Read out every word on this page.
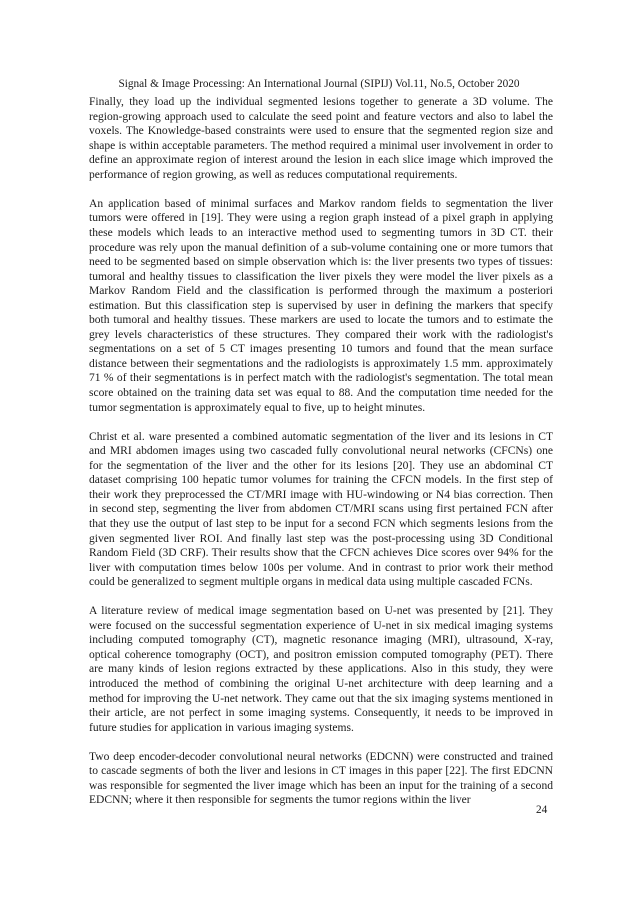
Signal & Image Processing: An International Journal (SIPIJ) Vol.11, No.5, October 2020

Finally, they load up the individual segmented lesions together to generate a 3D volume. The region-growing approach used to calculate the seed point and feature vectors and also to label the voxels. The Knowledge-based constraints were used to ensure that the segmented region size and shape is within acceptable parameters. The method required a minimal user involvement in order to define an approximate region of interest around the lesion in each slice image which improved the performance of region growing, as well as reduces computational requirements.

An application based of minimal surfaces and Markov random fields to segmentation the liver tumors were offered in [19]. They were using a region graph instead of a pixel graph in applying these models which leads to an interactive method used to segmenting tumors in 3D CT. their procedure was rely upon the manual definition of a sub-volume containing one or more tumors that need to be segmented based on simple observation which is: the liver presents two types of tissues: tumoral and healthy tissues to classification the liver pixels they were model the liver pixels as a Markov Random Field and the classification is performed through the maximum a posteriori estimation. But this classification step is supervised by user in defining the markers that specify both tumoral and healthy tissues. These markers are used to locate the tumors and to estimate the grey levels characteristics of these structures. They compared their work with the radiologist's segmentations on a set of 5 CT images presenting 10 tumors and found that the mean surface distance between their segmentations and the radiologists is approximately 1.5 mm. approximately 71 % of their segmentations is in perfect match with the radiologist's segmentation. The total mean score obtained on the training data set was equal to 88. And the computation time needed for the tumor segmentation is approximately equal to five, up to height minutes.

Christ et al. ware presented a combined automatic segmentation of the liver and its lesions in CT and MRI abdomen images using two cascaded fully convolutional neural networks (CFCNs) one for the segmentation of the liver and the other for its lesions [20]. They use an abdominal CT dataset comprising 100 hepatic tumor volumes for training the CFCN models. In the first step of their work they preprocessed the CT/MRI image with HU-windowing or N4 bias correction. Then in second step, segmenting the liver from abdomen CT/MRI scans using first pertained FCN after that they use the output of last step to be input for a second FCN which segments lesions from the given segmented liver ROI. And finally last step was the post-processing using 3D Conditional Random Field (3D CRF). Their results show that the CFCN achieves Dice scores over 94% for the liver with computation times below 100s per volume. And in contrast to prior work their method could be generalized to segment multiple organs in medical data using multiple cascaded FCNs.

A literature review of medical image segmentation based on U-net was presented by [21]. They were focused on the successful segmentation experience of U-net in six medical imaging systems including computed tomography (CT), magnetic resonance imaging (MRI), ultrasound, X-ray, optical coherence tomography (OCT), and positron emission computed tomography (PET). There are many kinds of lesion regions extracted by these applications. Also in this study, they were introduced the method of combining the original U-net architecture with deep learning and a method for improving the U-net network. They came out that the six imaging systems mentioned in their article, are not perfect in some imaging systems. Consequently, it needs to be improved in future studies for application in various imaging systems.

Two deep encoder-decoder convolutional neural networks (EDCNN) were constructed and trained to cascade segments of both the liver and lesions in CT images in this paper [22]. The first EDCNN was responsible for segmented the liver image which has been an input for the training of a second EDCNN; where it then responsible for segments the tumor regions within the liver

24
